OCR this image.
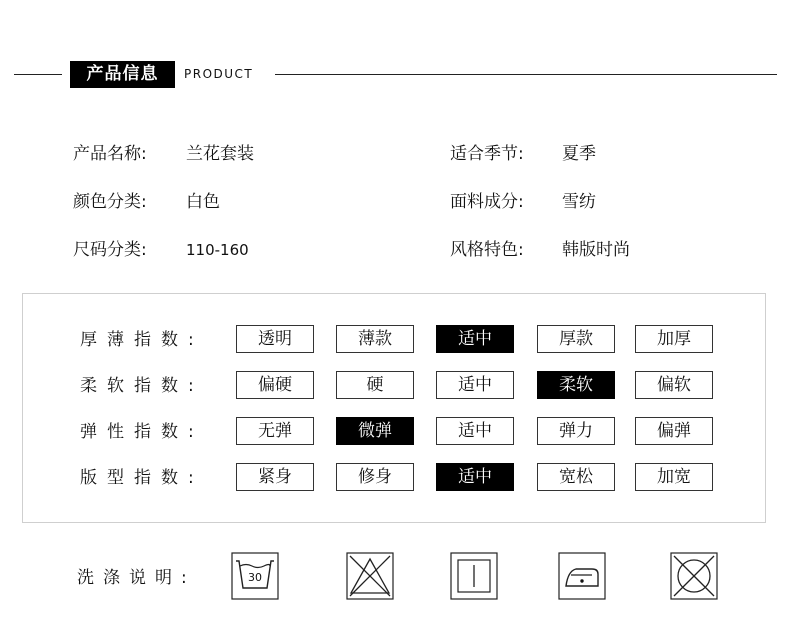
产品信息	PRODUCT
产品名称: 兰花套装
颜色分类: 白色
尺码分类:	110-160
适合季节: 夏季
面料成分: 雪纺
风格特色: 韩版时尚
厚薄指数:	透明	薄款	适中	厚款	加厚
柔软指数:	偏硬	硬	适中	柔软	偏软
弹性指数:	无弹	微弹	适中	弹力	偏弹
版型指数:	紧身	修身	适中	宽松	加宽
洗涤说明:	30
